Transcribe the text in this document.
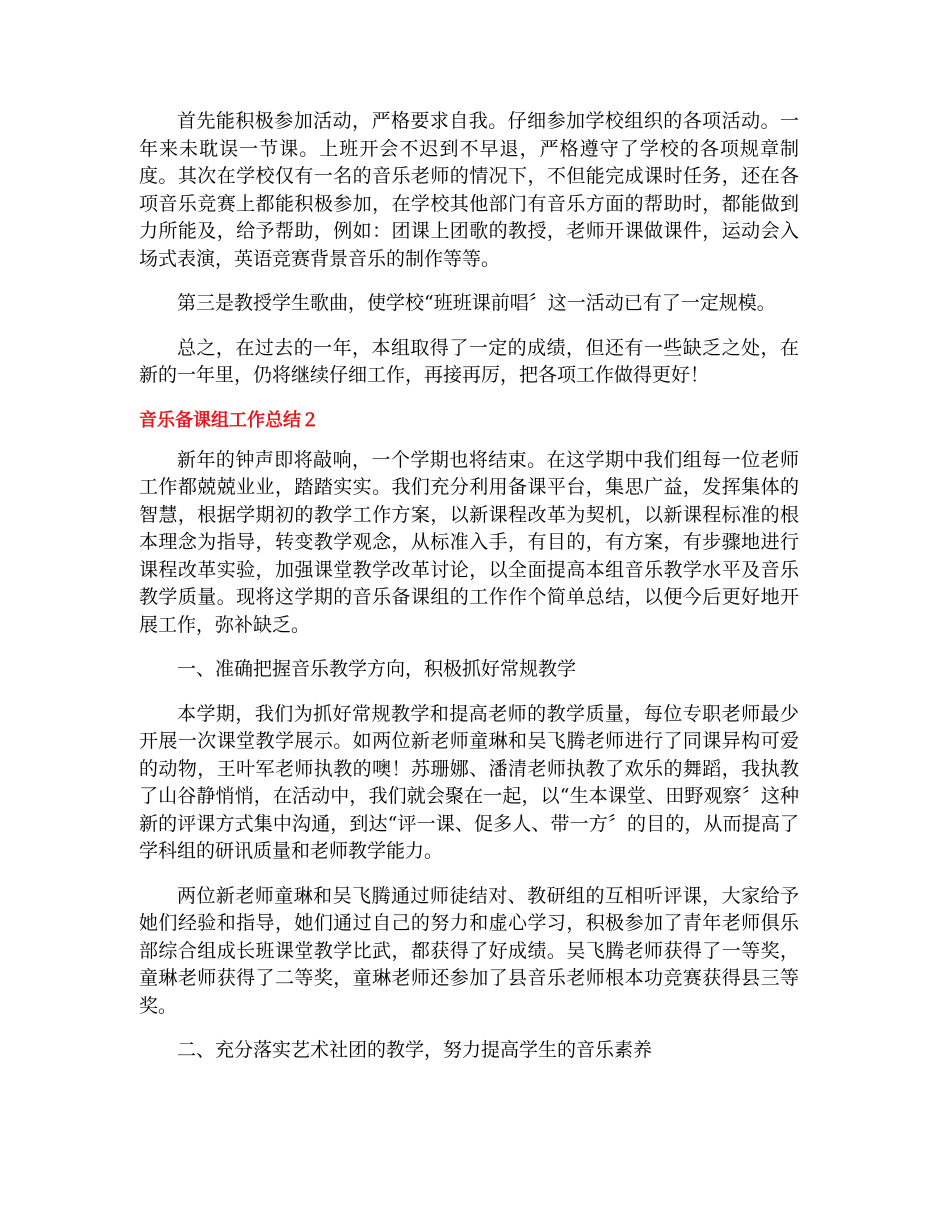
首先能积极参加活动，严格要求自我。仔细参加学校组织的各项活动。一年来未耽误一节课。上班开会不迟到不早退，严格遵守了学校的各项规章制度。其次在学校仅有一名的音乐老师的情况下，不但能完成课时任务，还在各项音乐竞赛上都能积极参加，在学校其他部门有音乐方面的帮助时，都能做到力所能及，给予帮助，例如：团课上团歌的教授，老师开课做课件，运动会入场式表演，英语竞赛背景音乐的制作等等。

第三是教授学生歌曲，使学校“班班课前唱〞这一活动已有了一定规模。

总之，在过去的一年，本组取得了一定的成绩，但还有一些缺乏之处，在新的一年里，仍将继续仔细工作，再接再厉，把各项工作做得更好！

音乐备课组工作总结２

新年的钟声即将敲响，一个学期也将结束。在这学期中我们组每一位老师工作都兢兢业业，踏踏实实。我们充分利用备课平台，集思广益，发挥集体的智慧，根据学期初的教学工作方案，以新课程改革为契机，以新课程标准的根本理念为指导，转变教学观念，从标准入手，有目的，有方案，有步骤地进行课程改革实验，加强课堂教学改革讨论，以全面提高本组音乐教学水平及音乐教学质量。现将这学期的音乐备课组的工作作个简单总结，以便今后更好地开展工作，弥补缺乏。

一、准确把握音乐教学方向，积极抓好常规教学

本学期，我们为抓好常规教学和提高老师的教学质量，每位专职老师最少开展一次课堂教学展示。如两位新老师童琳和吴飞腾老师进行了同课异构可爱的动物，王叶军老师执教的噢！苏珊娜、潘清老师执教了欢乐的舞蹈，我执教了山谷静悄悄，在活动中，我们就会聚在一起，以“生本课堂、田野观察〞这种新的评课方式集中沟通，到达“评一课、促多人、带一方〞的目的，从而提高了学科组的研讯质量和老师教学能力。

两位新老师童琳和吴飞腾通过师徒结对、教研组的互相听评课，大家给予她们经验和指导，她们通过自己的努力和虚心学习，积极参加了青年老师俱乐部综合组成长班课堂教学比武，都获得了好成绩。吴飞腾老师获得了一等奖，童琳老师获得了二等奖，童琳老师还参加了县音乐老师根本功竞赛获得县三等奖。

二、充分落实艺术社团的教学，努力提高学生的音乐素养
